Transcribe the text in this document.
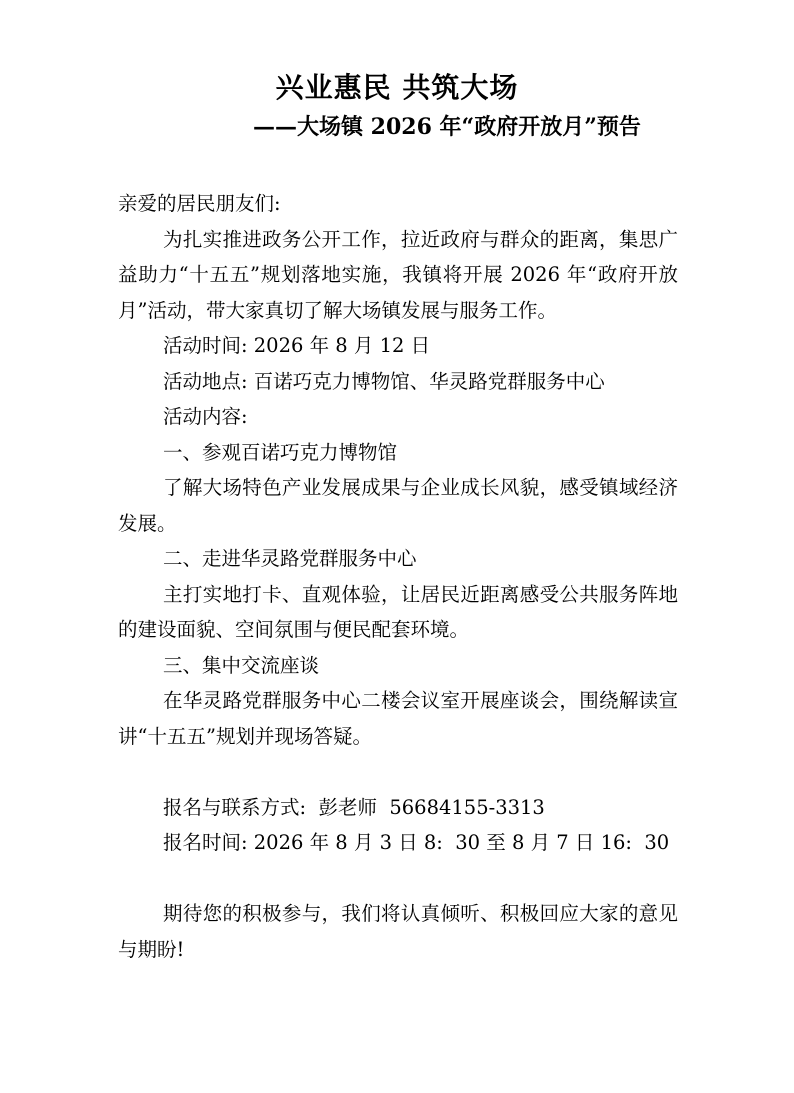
兴业惠民 共筑大场
——大场镇 2026 年“政府开放月”预告

亲爱的居民朋友们:

为扎实推进政务公开工作，拉近政府与群众的距离，集思广益助力“十五五”规划落地实施，我镇将开展 2026 年“政府开放月”活动，带大家真切了解大场镇发展与服务工作。

活动时间: 2026 年 8 月 12 日

活动地点: 百诺巧克力博物馆、华灵路党群服务中心

活动内容:

一、参观百诺巧克力博物馆

了解大场特色产业发展成果与企业成长风貌，感受镇域经济发展。

二、走进华灵路党群服务中心

主打实地打卡、直观体验，让居民近距离感受公共服务阵地的建设面貌、空间氛围与便民配套环境。

三、集中交流座谈

在华灵路党群服务中心二楼会议室开展座谈会，围绕解读宣讲“十五五”规划并现场答疑。

报名与联系方式:  彭老师  56684155-3313

报名时间: 2026 年 8 月 3 日 8:  30 至 8 月 7 日 16:  30

期待您的积极参与，我们将认真倾听、积极回应大家的意见与期盼!
